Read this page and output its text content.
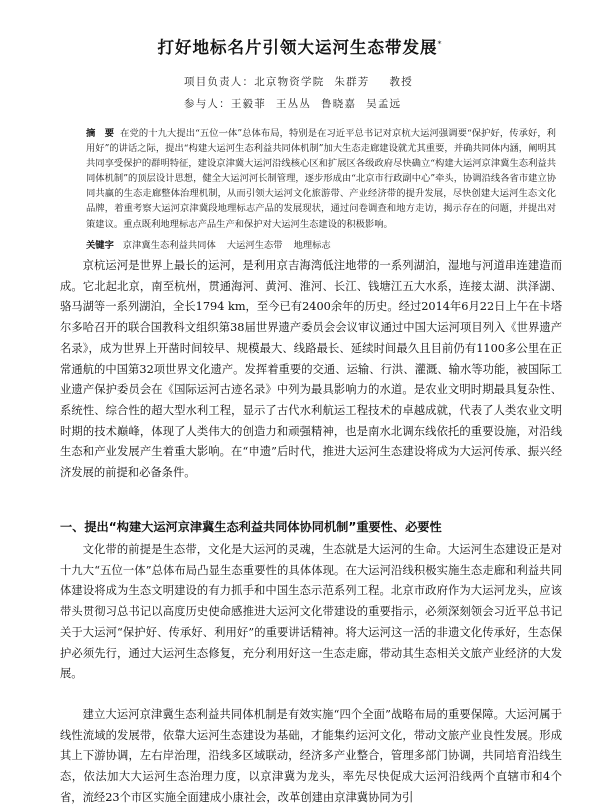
打好地标名片引领大运河生态带发展*
项目负责人：北京物资学院 朱群芳 教授
参与人：王毅菲 王丛丛 鲁晓嘉 吴孟远
摘　要 在党的十九大提出“五位一体”总体布局，特别是在习近平总书记对京杭大运河强调要“保护好，传承好，利用好”的讲话之际，提出“构建大运河生态利益共同体机制”加大生态走廊建设就尤其重要，并确共同体内涵，阐明其共同享受保护的群明特征，建设京津冀大运河沿线核心区和扩展区各级政府尽快确立“构建大运河京津冀生态利益共同体机制”的顶层设计思想，健全大运河河长制管理，逐步形成由“北京市行政副中心”牵头，协调沿线各省市建立协同共赢的生态走廊整体治理机制，从而引领大运河文化旅游带、产业经济带的提升发展，尽快创建大运河生态文化品牌，着重考察大运河京津冀段地理标志产品的发展现状，通过问卷调查和地方走访，揭示存在的问题，并提出对策建议。重点既利地理标志产品生产和保护对大运河生态建设的积极影响。
关键字 京津冀生态利益共同体 大运河生态带 地理标志

京杭运河是世界上最长的运河，是利用京吉海湾低注地带的一系列湖泊，湿地与河道串连建造而成。它北起北京，南至杭州，贯通海河、黄河、淮河、长江、钱塘江五大水系，连接太湖、洪泽湖、骆马湖等一系列湖泊，全长1794 km，至今已有2400余年的历史。经过2014年6月22日上午在卡塔尔多哈召开的联合国教科文组织第38届世界遗产委员会会议审议通过中国大运河项目列入《世界遗产名录》，成为世界上开凿时间较早、规模最大、线路最长、延续时间最久且目前仍有1100多公里在正常通航的中国第32项世界文化遗产。发挥着重要的交通、运输、行洪、灌溉、输水等功能，被国际工业遗产保护委员会在《国际运河古迹名录》中列为最具影响力的水道。是农业文明时期最具复杂性、系统性、综合性的超大型水利工程，显示了古代水利航运工程技术的卓越成就，代表了人类农业文明时期的技术巅峰，体现了人类伟大的创造力和顽强精神，也是南水北调东线依托的重要设施，对沿线生态和产业发展产生着重大影响。在“申遗”后时代，推进大运河生态建设将成为大运河传承、振兴经济发展的前提和必备条件。

一、提出“构建大运河京津冀生态利益共同体协同机制”重要性、必要性

文化带的前提是生态带，文化是大运河的灵魂，生态就是大运河的生命。大运河生态建设正是对十九大“五位一体”总体布局凸显生态重要性的具体体现。在大运河沿线积极实施生态走廊和利益共同体建设将成为生态文明建设的有力抓手和中国生态示范系列工程。北京市政府作为大运河龙头，应该带头贯彻习总书记以高度历史使命感推进大运河文化带建设的重要指示，必须深刻领会习近平总书记关于大运河“保护好、传承好、利用好”的重要讲话精神。将大运河这一活的非遗文化传承好，生态保护必须先行，通过大运河生态修复，充分利用好这一生态走廊，带动其生态相关文旅产业经济的大发展。

建立大运河京津冀生态利益共同体机制是有效实施“四个全面”战略布局的重要保障。大运河属于线性流域的发展带，依靠大运河生态建设为基础，才能集约运河文化，带动文旅产业良性发展。形成其上下游协调，左右岸治理，沿线多区域联动，经济多产业整合，管理多部门协调，共同培育沿线生态，依法加大大运河生态治理力度，以京津冀为龙头，率先尽快促成大运河沿线两个直辖市和4个省，流经23个市区实施全面建成小康社会，改革创建由京津冀协同为引
